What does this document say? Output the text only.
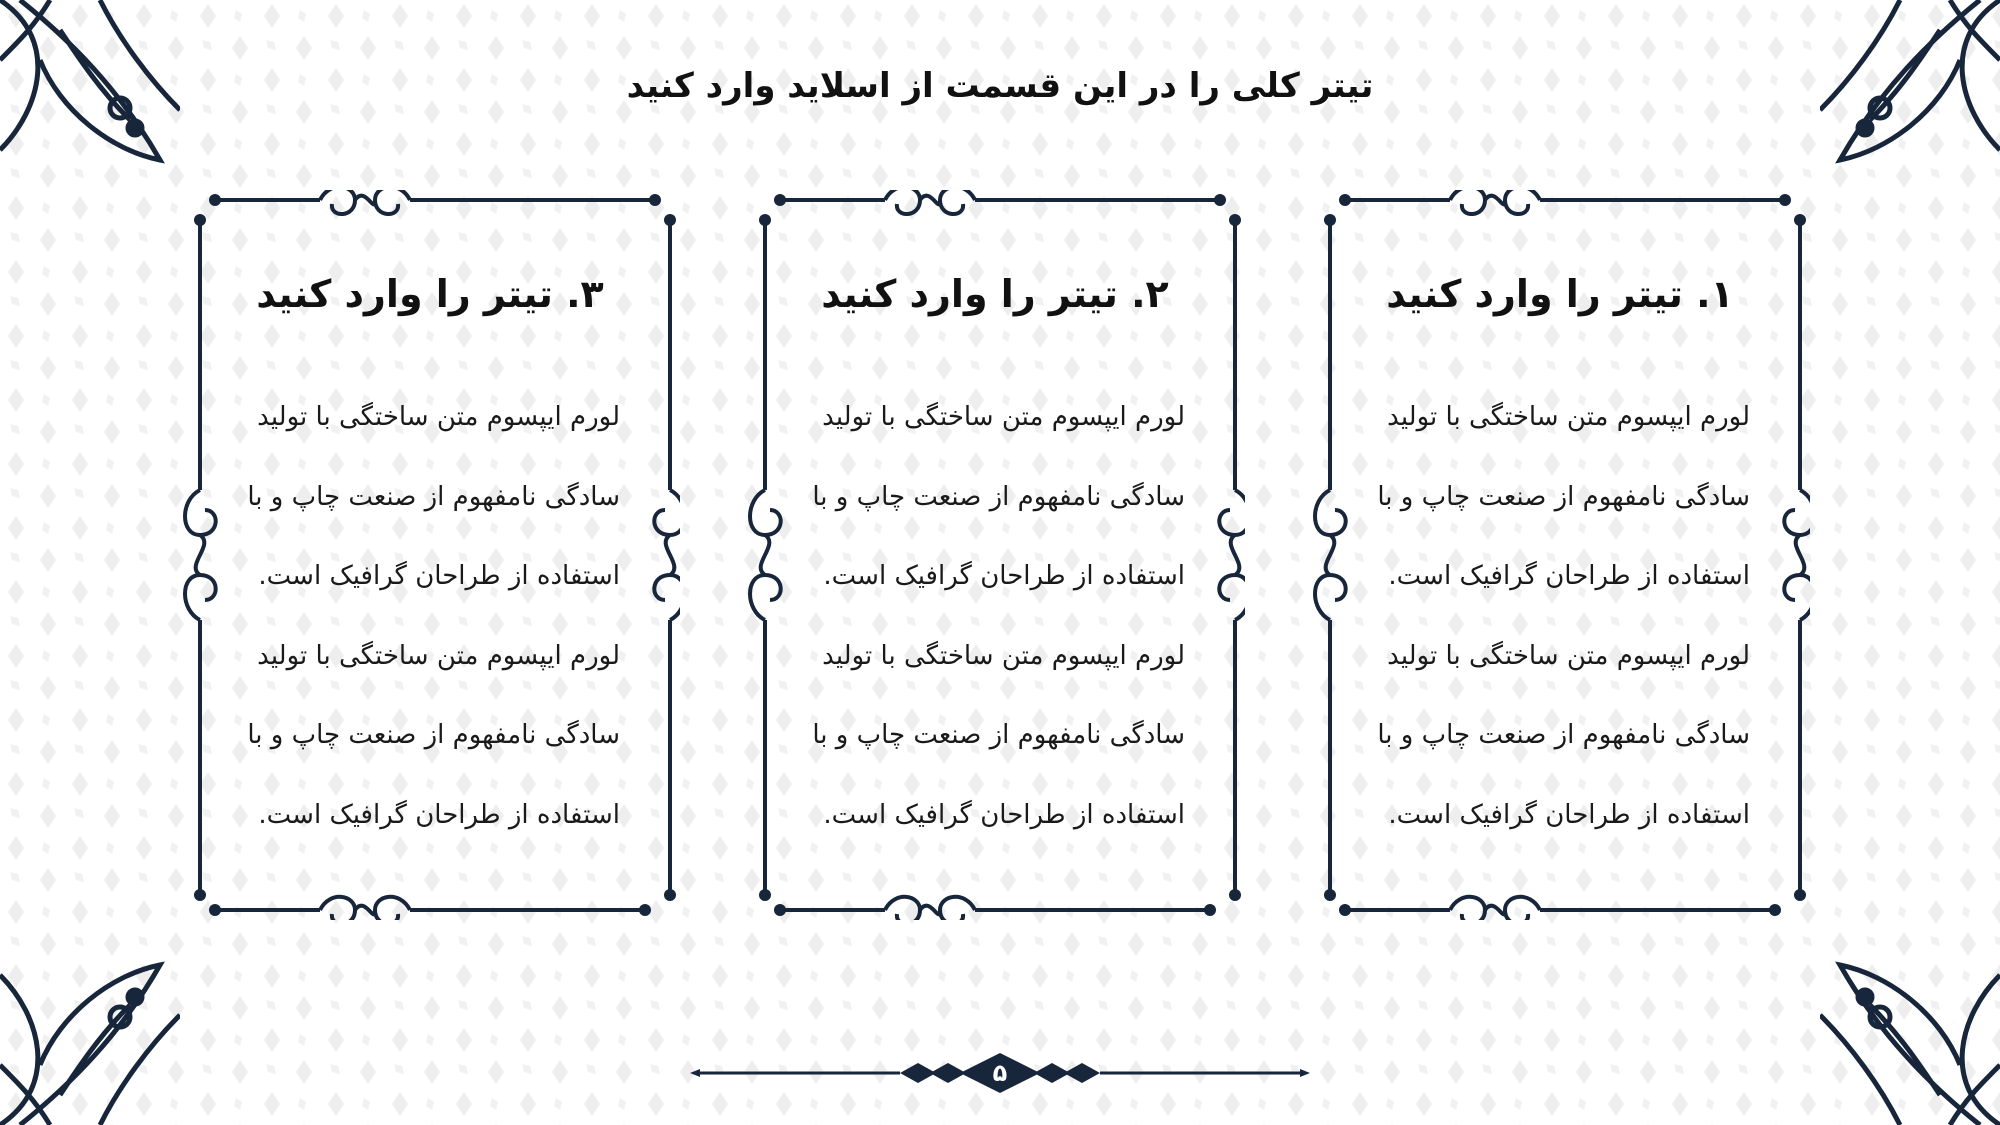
تیتر کلی را در این قسمت از اسلاید وارد کنید
۱. تیتر را وارد کنید

لورم ایپسوم متن ساختگی با تولید

سادگی نامفهوم از صنعت چاپ و با

استفاده از طراحان گرافیک است.

لورم ایپسوم متن ساختگی با تولید

سادگی نامفهوم از صنعت چاپ و با

استفاده از طراحان گرافیک است.

۲. تیتر را وارد کنید

لورم ایپسوم متن ساختگی با تولید

سادگی نامفهوم از صنعت چاپ و با

استفاده از طراحان گرافیک است.

لورم ایپسوم متن ساختگی با تولید

سادگی نامفهوم از صنعت چاپ و با

استفاده از طراحان گرافیک است.

۳. تیتر را وارد کنید

لورم ایپسوم متن ساختگی با تولید

سادگی نامفهوم از صنعت چاپ و با

استفاده از طراحان گرافیک است.

لورم ایپسوم متن ساختگی با تولید

سادگی نامفهوم از صنعت چاپ و با

استفاده از طراحان گرافیک است.

۵
